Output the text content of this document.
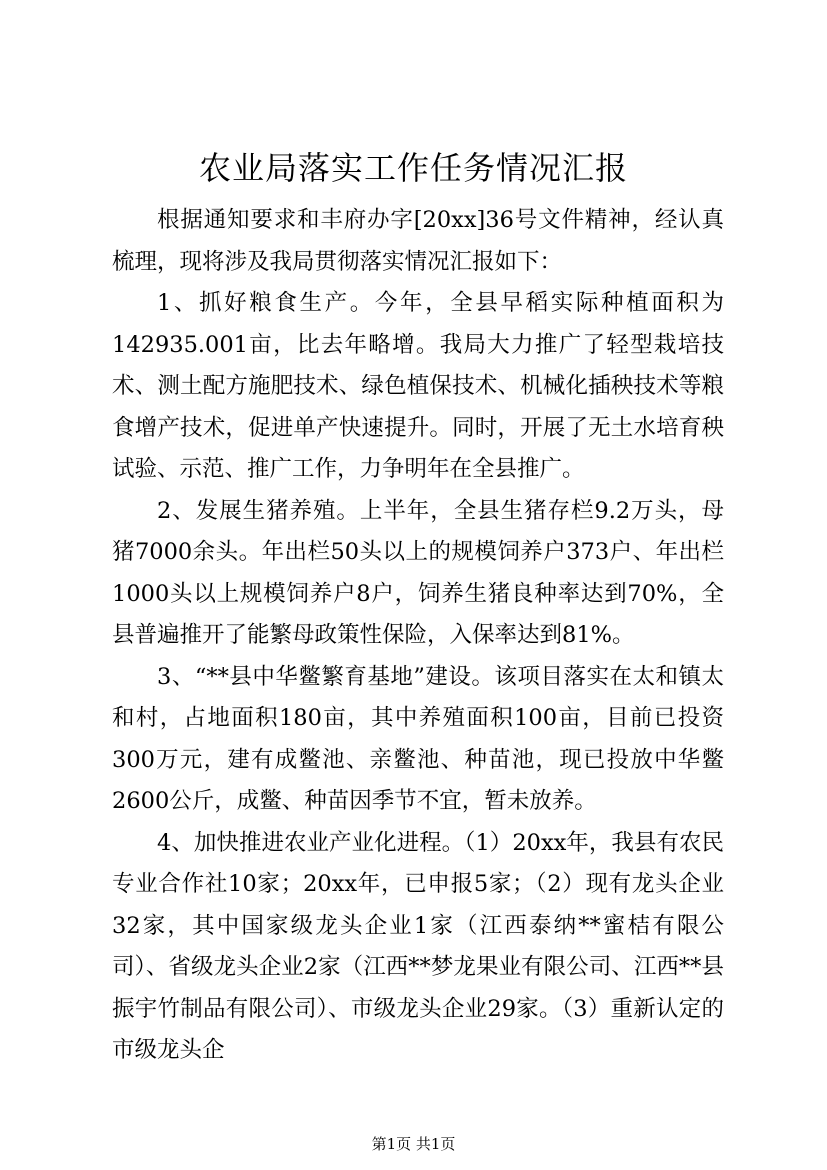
农业局落实工作任务情况汇报

根据通知要求和丰府办字[20xx]36号文件精神，经认真梳理，现将涉及我局贯彻落实情况汇报如下：

1、抓好粮食生产。今年，全县早稻实际种植面积为142935.001亩，比去年略增。我局大力推广了轻型栽培技术、测土配方施肥技术、绿色植保技术、机械化插秧技术等粮食增产技术，促进单产快速提升。同时，开展了无土水培育秧试验、示范、推广工作，力争明年在全县推广。

2、发展生猪养殖。上半年，全县生猪存栏9.2万头，母猪7000余头。年出栏50头以上的规模饲养户373户、年出栏1000头以上规模饲养户8户，饲养生猪良种率达到70%，全县普遍推开了能繁母政策性保险，入保率达到81%。

3、“**县中华鳖繁育基地”建设。该项目落实在太和镇太和村，占地面积180亩，其中养殖面积100亩，目前已投资300万元，建有成鳖池、亲鳖池、种苗池，现已投放中华鳖2600公斤，成鳖、种苗因季节不宜，暂未放养。

4、加快推进农业产业化进程。（1）20xx年，我县有农民专业合作社10家；20xx年，已申报5家；（2）现有龙头企业32家，其中国家级龙头企业1家（江西泰纳**蜜桔有限公司）、省级龙头企业2家（江西**梦龙果业有限公司、江西**县振宇竹制品有限公司）、市级龙头企业29家。（3）重新认定的市级龙头企

第1页 共1页
